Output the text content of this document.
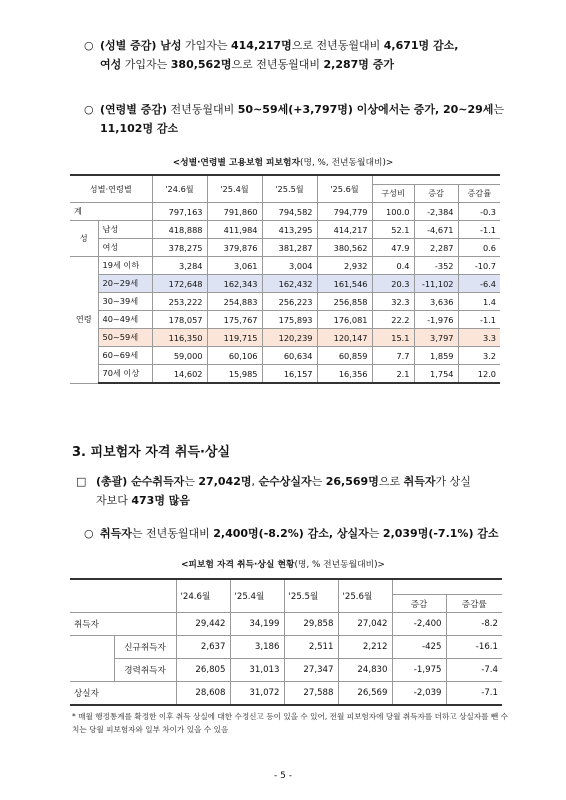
○ (성별 증감) 남성 가입자는 414,217명으로 전년동월대비 4,671명 감소,
여성 가입자는 380,562명으로 전년동월대비 2,287명 증가
○ (연령별 증감) 전년동월대비 50~59세(+3,797명) 이상에서는 증가, 20~29세는
11,102명 감소
<성별·연령별 고용보험 피보험자(명, %, 전년동월대비)>
성별·연령별		'24.6월	'25.4월	'25.5월	'25.6월			
						구성비	증감	증감률
계		797,163	791,860	794,582	794,779	100.0	-2,384	-0.3
성	남성	418,888	411,984	413,295	414,217	52.1	-4,671	-1.1
	여성	378,275	379,876	381,287	380,562	47.9	2,287	0.6
연령	19세 이하	3,284	3,061	3,004	2,932	0.4	-352	-10.7
	20~29세	172,648	162,343	162,432	161,546	20.3	-11,102	-6.4
	30~39세	253,222	254,883	256,223	256,858	32.3	3,636	1.4
	40~49세	178,057	175,767	175,893	176,081	22.2	-1,976	-1.1
	50~59세	116,350	119,715	120,239	120,147	15.1	3,797	3.3
	60~69세	59,000	60,106	60,634	60,859	7.7	1,859	3.2
	70세 이상	14,602	15,985	16,157	16,356	2.1	1,754	12.0
3. 피보험자 자격 취득·상실
□ (총괄) 순수취득자는 27,042명, 순수상실자는 26,569명으로 취득자가 상실
자보다 473명 많음
○ 취득자는 전년동월대비 2,400명(-8.2%) 감소, 상실자는 2,039명(-7.1%) 감소
<피보험 자격 취득·상실 현황(명, % 전년동월대비)>
		'24.6월	'25.4월	'25.5월	'25.6월		
						증감	증감률
취득자		29,442	34,199	29,858	27,042	-2,400	-8.2
	신규취득자	2,637	3,186	2,511	2,212	-425	-16.1
	경력취득자	26,805	31,013	27,347	24,830	-1,975	-7.4
상실자		28,608	31,072	27,588	26,569	-2,039	-7.1
* 매월 행정통계를 확정한 이후 취득 상실에 대한 수정신고 등이 있을 수 있어, 전월 피보험자에 당월 취득자를 더하고 상실자를 뺀 수치는 당월 피보험자와 일부 차이가 있을 수 있음
- 5 -
